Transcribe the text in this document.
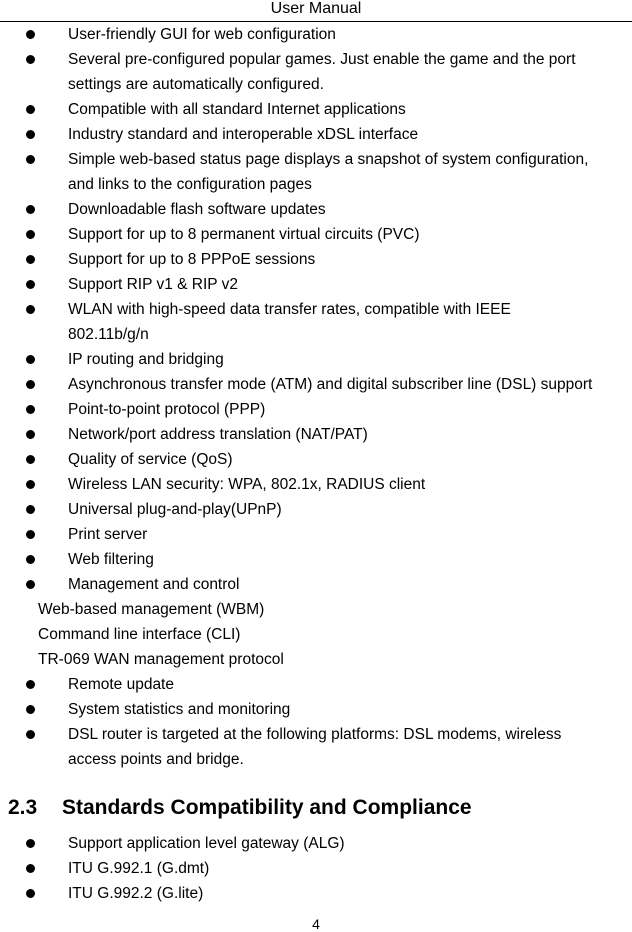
User Manual
User-friendly GUI for web configuration
Several pre-configured popular games. Just enable the game and the port
settings are automatically configured.
Compatible with all standard Internet applications
Industry standard and interoperable xDSL interface
Simple web-based status page displays a snapshot of system configuration,
and links to the configuration pages
Downloadable flash software updates
Support for up to 8 permanent virtual circuits (PVC)
Support for up to 8 PPPoE sessions
Support RIP v1 & RIP v2
WLAN with high-speed data transfer rates, compatible with IEEE
802.11b/g/n
IP routing and bridging
Asynchronous transfer mode (ATM) and digital subscriber line (DSL) support
Point-to-point protocol (PPP)
Network/port address translation (NAT/PAT)
Quality of service (QoS)
Wireless LAN security: WPA, 802.1x, RADIUS client
Universal plug-and-play(UPnP)
Print server
Web filtering
Management and control
Web-based management (WBM)
Command line interface (CLI)
TR-069 WAN management protocol
Remote update
System statistics and monitoring
DSL router is targeted at the following platforms: DSL modems, wireless
access points and bridge.
2.3 Standards Compatibility and Compliance
Support application level gateway (ALG)
ITU G.992.1 (G.dmt)
ITU G.992.2 (G.lite)
4
